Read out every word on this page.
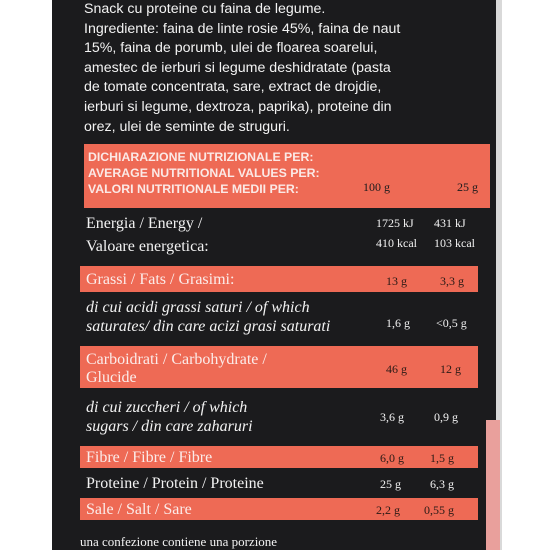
Snack cu proteine cu faina de legume.
Ingrediente: faina de linte rosie 45%, faina de naut
15%, faina de porumb, ulei de floarea soarelui,
amestec de ierburi si legume deshidratate (pasta
de tomate concentrata, sare, extract de drojdie,
ierburi si legume, dextroza, paprika), proteine din
orez, ulei de seminte de struguri.
DICHIARAZIONE NUTRIZIONALE PER:
AVERAGE NUTRITIONAL VALUES PER:
VALORI NUTRITIONALE MEDII PER:	100 g	25 g
Energia / Energy /	1725 kJ 431 kJ
Valoare energetica:	410 kcal 103 kcal
Grassi / Fats / Grasimi:	13 g	3,3 g
di cui acidi grassi saturi / of which
saturates/ din care acizi grasi saturati	1,6 g <0,5 g
Carboidrati / Carbohydrate /
Glucide	46 g	12 g
di cui zuccheri / of which
sugars / din care zaharuri
3,6 g	0,9 g
Fibre / Fibre / Fibre	6,0 g 1,5 g
Proteine / Protein / Proteine	25 g 6,3 g
Sale / Salt / Sare	2,2 g 0,55 g
una confezione contiene una porzione
